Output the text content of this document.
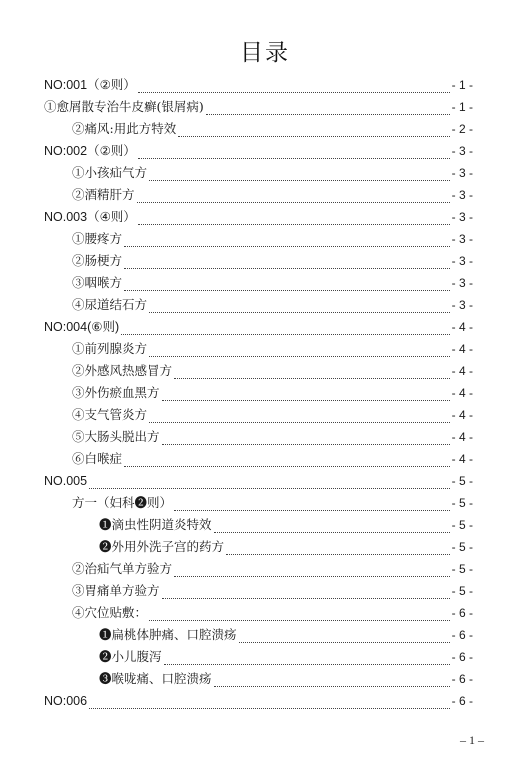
目录
NO:001（②则）	- 1 -
①愈屑散专治牛皮癣(银屑病)	- 1 -
②痛风:用此方特效	- 2 -
NO:002（②则）	- 3 -
①小孩疝气方	- 3 -
②酒精肝方	- 3 -
NO.003（④则）	- 3 -
①腰疼方	- 3 -
②肠梗方	- 3 -
③咽喉方	- 3 -
④尿道结石方	- 3 -
NO:004(⑥则)	- 4 -
①前列腺炎方	- 4 -
②外感风热感冒方	- 4 -
③外伤瘀血黑方	- 4 -
④支气管炎方	- 4 -
⑤大肠头脱出方	- 4 -
⑥白喉症	- 4 -
NO.005	- 5 -
方一（妇科❷则）	- 5 -
❶滴虫性阴道炎特效	- 5 -
❷外用外洗子宫的药方	- 5 -
②治疝气单方验方	- 5 -
③胃痛单方验方	- 5 -
④穴位贴敷：	- 6 -
❶扁桃体肿痛、口腔溃疡	- 6 -
❷小儿腹泻	- 6 -
❸喉咙痛、口腔溃疡	- 6 -
NO:006	- 6 -
– 1 –
